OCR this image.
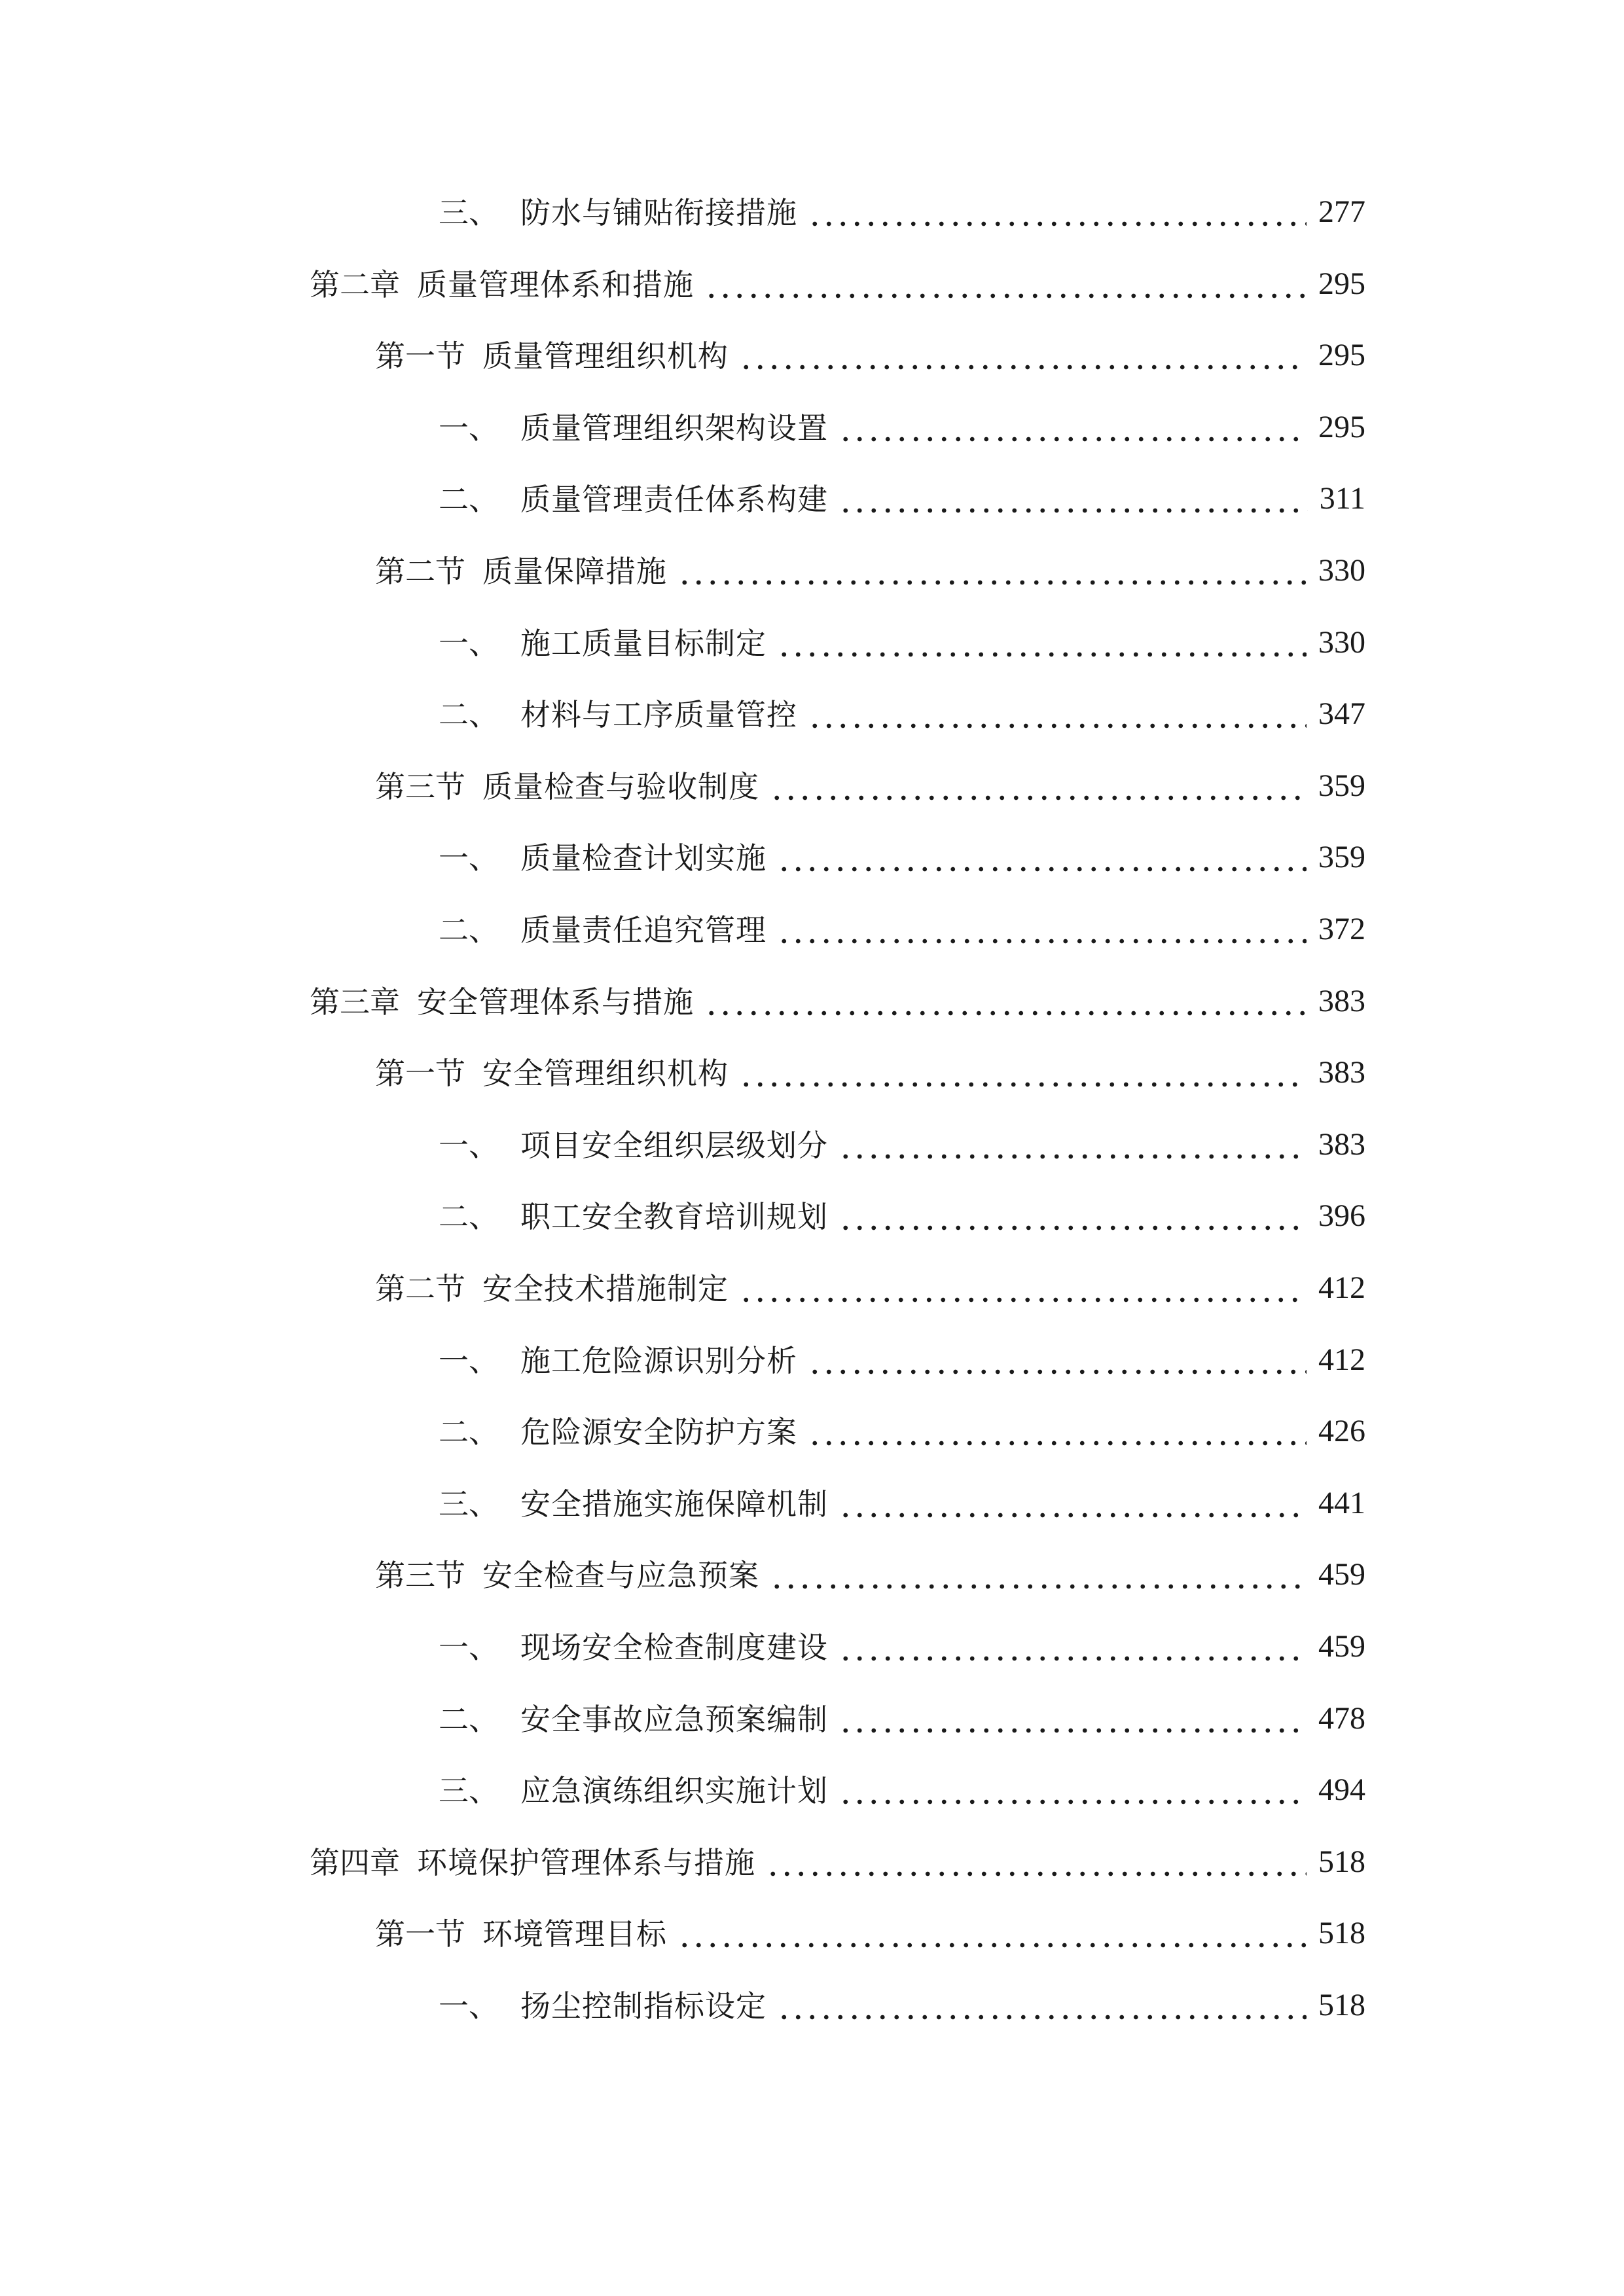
三、 防水与铺贴衔接措施	277
第二章 质量管理体系和措施	295
第一节 质量管理组织机构	295
一、 质量管理组织架构设置	295
二、 质量管理责任体系构建	311
第二节 质量保障措施	330
一、 施工质量目标制定	330
二、 材料与工序质量管控	347
第三节 质量检查与验收制度	359
一、 质量检查计划实施	359
二、 质量责任追究管理	372
第三章 安全管理体系与措施	383
第一节 安全管理组织机构	383
一、 项目安全组织层级划分	383
二、 职工安全教育培训规划	396
第二节 安全技术措施制定	412
一、 施工危险源识别分析	412
二、 危险源安全防护方案	426
三、 安全措施实施保障机制	441
第三节 安全检查与应急预案	459
一、 现场安全检查制度建设	459
二、 安全事故应急预案编制	478
三、 应急演练组织实施计划	494
第四章 环境保护管理体系与措施	518
第一节 环境管理目标	518
一、 扬尘控制指标设定	518
